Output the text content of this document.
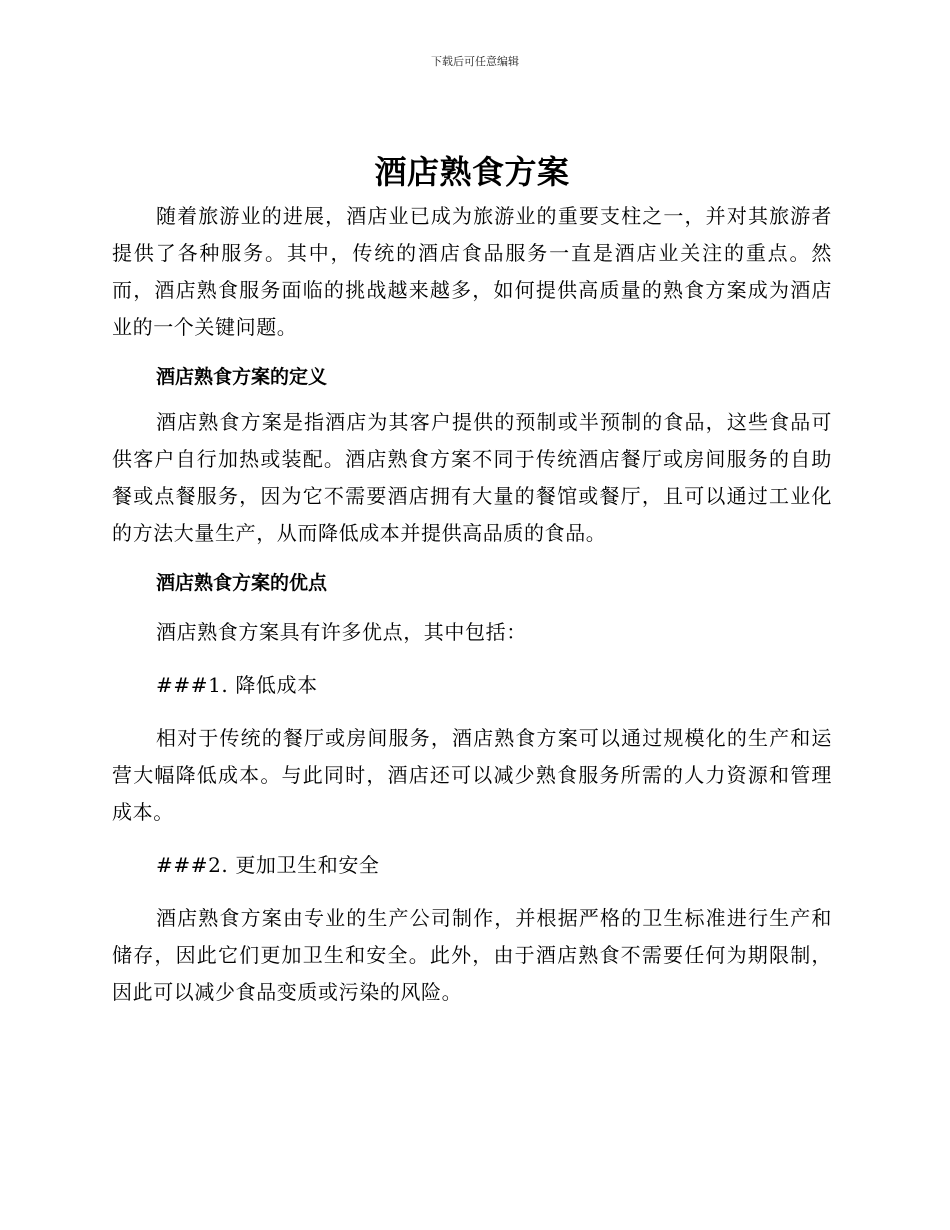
下载后可任意编辑
酒店熟食方案

随着旅游业的进展，酒店业已成为旅游业的重要支柱之一，并对其旅游者提供了各种服务。其中，传统的酒店食品服务一直是酒店业关注的重点。然而，酒店熟食服务面临的挑战越来越多，如何提供高质量的熟食方案成为酒店业的一个关键问题。

酒店熟食方案的定义

酒店熟食方案是指酒店为其客户提供的预制或半预制的食品，这些食品可供客户自行加热或装配。酒店熟食方案不同于传统酒店餐厅或房间服务的自助餐或点餐服务，因为它不需要酒店拥有大量的餐馆或餐厅，且可以通过工业化的方法大量生产，从而降低成本并提供高品质的食品。

酒店熟食方案的优点

酒店熟食方案具有许多优点，其中包括：

###1. 降低成本

相对于传统的餐厅或房间服务，酒店熟食方案可以通过规模化的生产和运营大幅降低成本。与此同时，酒店还可以减少熟食服务所需的人力资源和管理成本。

###2. 更加卫生和安全

酒店熟食方案由专业的生产公司制作，并根据严格的卫生标准进行生产和储存，因此它们更加卫生和安全。此外，由于酒店熟食不需要任何为期限制，因此可以减少食品变质或污染的风险。
